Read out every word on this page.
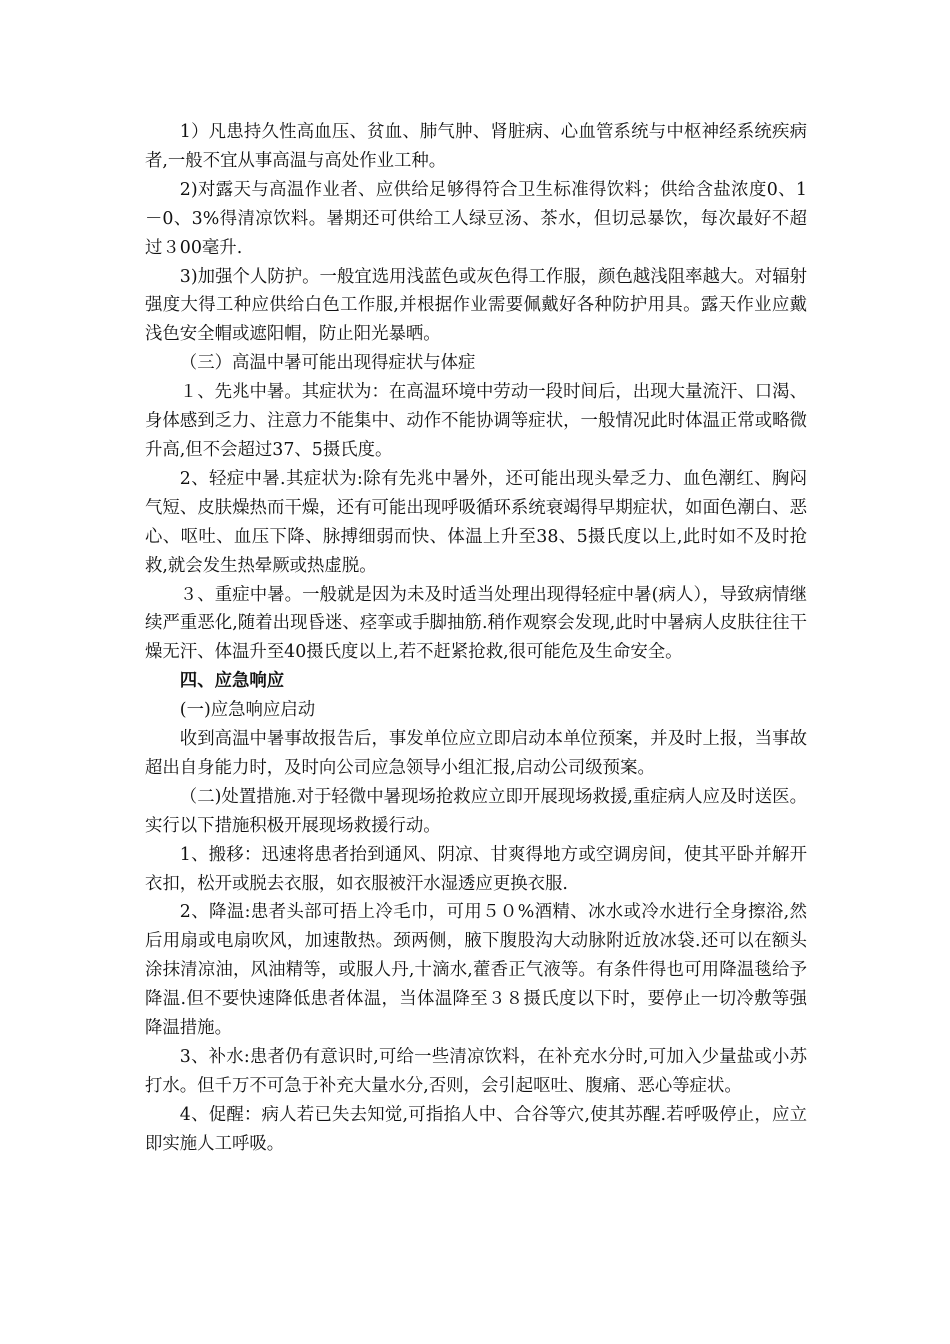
1）凡患持久性高血压、贫血、肺气肿、肾脏病、心血管系统与中枢神经系统疾病者,一般不宜从事高温与高处作业工种。

2)对露天与高温作业者、应供给足够得符合卫生标准得饮料；供给含盐浓度0、1－0、3%得清凉饮料。暑期还可供给工人绿豆汤、茶水，但切忌暴饮，每次最好不超过３00毫升.

3)加强个人防护。一般宜选用浅蓝色或灰色得工作服，颜色越浅阻率越大。对辐射强度大得工种应供给白色工作服,并根据作业需要佩戴好各种防护用具。露天作业应戴浅色安全帽或遮阳帽，防止阳光暴晒。

（三）高温中暑可能出现得症状与体症

１、先兆中暑。其症状为：在高温环境中劳动一段时间后，出现大量流汗、口渴、身体感到乏力、注意力不能集中、动作不能协调等症状，一般情况此时体温正常或略微升高,但不会超过37、5摄氏度。

2、轻症中暑.其症状为:除有先兆中暑外，还可能出现头晕乏力、血色潮红、胸闷气短、皮肤燥热而干燥，还有可能出现呼吸循环系统衰竭得早期症状，如面色潮白、恶心、呕吐、血压下降、脉搏细弱而快、体温上升至38、5摄氏度以上,此时如不及时抢救,就会发生热晕厥或热虚脱。

３、重症中暑。一般就是因为未及时适当处理出现得轻症中暑(病人），导致病情继续严重恶化,随着出现昏迷、痉挛或手脚抽筋.稍作观察会发现,此时中暑病人皮肤往往干燥无汗、体温升至40摄氏度以上,若不赶紧抢救,很可能危及生命安全。

四、应急响应

(一)应急响应启动

收到高温中暑事故报告后，事发单位应立即启动本单位预案，并及时上报，当事故超出自身能力时，及时向公司应急领导小组汇报,启动公司级预案。

（二)处置措施.对于轻微中暑现场抢救应立即开展现场救援,重症病人应及时送医。实行以下措施积极开展现场救援行动。

1、搬移：迅速将患者抬到通风、阴凉、甘爽得地方或空调房间，使其平卧并解开衣扣，松开或脱去衣服，如衣服被汗水湿透应更换衣服.

2、降温:患者头部可捂上冷毛巾，可用５０%酒精、冰水或冷水进行全身擦浴,然后用扇或电扇吹风，加速散热。颈两侧，腋下腹股沟大动脉附近放冰袋.还可以在额头涂抹清凉油，风油精等，或服人丹,十滴水,藿香正气液等。有条件得也可用降温毯给予降温.但不要快速降低患者体温，当体温降至３８摄氏度以下时，要停止一切冷敷等强降温措施。

3、补水:患者仍有意识时,可给一些清凉饮料，在补充水分时,可加入少量盐或小苏打水。但千万不可急于补充大量水分,否则，会引起呕吐、腹痛、恶心等症状。

4、促醒：病人若已失去知觉,可指掐人中、合谷等穴,使其苏醒.若呼吸停止，应立即实施人工呼吸。
